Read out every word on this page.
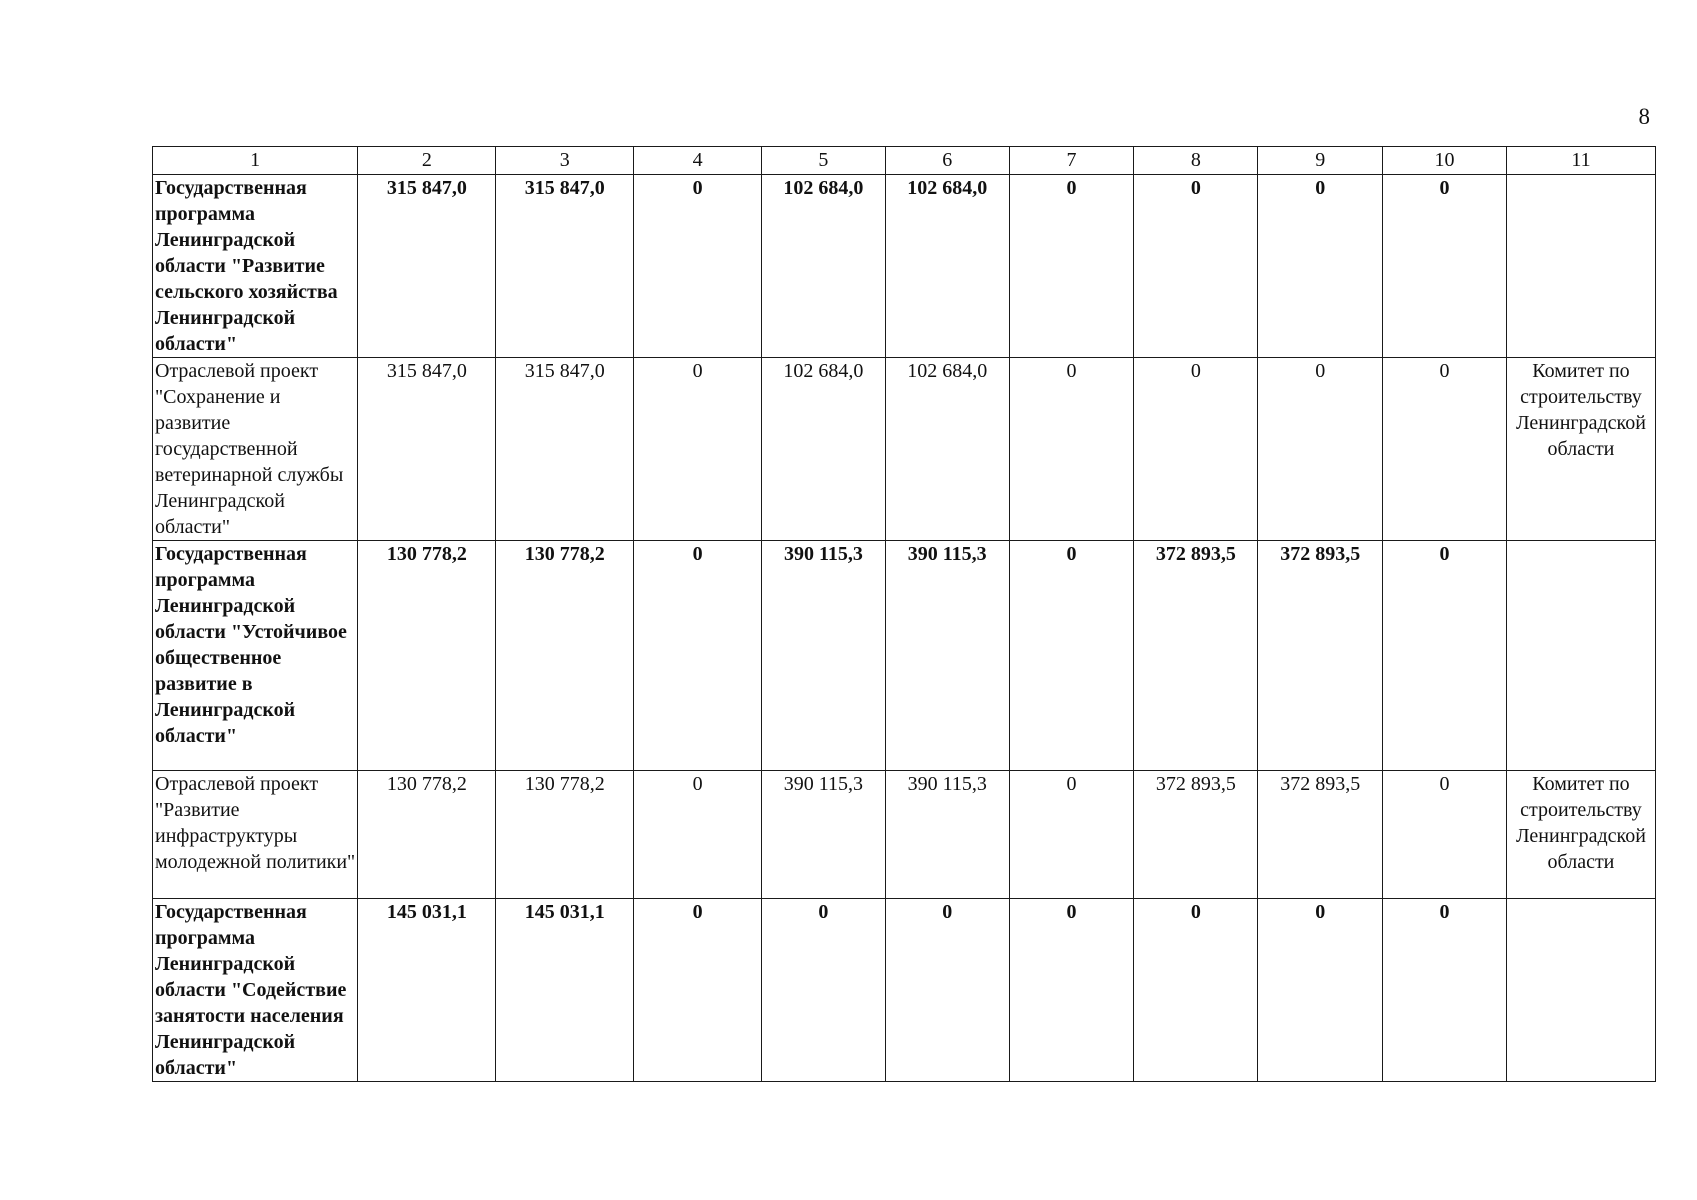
8
1	2	3	4	5	6	7	8	9	10	11
Государственная программа Ленинградской области "Развитие сельского хозяйства Ленинградской области"	315 847,0	315 847,0	0	102 684,0	102 684,0	0	0	0	0	
Отраслевой проект "Сохранение и развитие государственной ветеринарной службы Ленинградской области"	315 847,0	315 847,0	0	102 684,0	102 684,0	0	0	0	0	Комитет по строительству Ленинградской области
Государственная программа Ленинградской области "Устойчивое общественное развитие в Ленинградской области"	130 778,2	130 778,2	0	390 115,3	390 115,3	0	372 893,5	372 893,5	0	
Отраслевой проект "Развитие инфраструктуры молодежной политики"	130 778,2	130 778,2	0	390 115,3	390 115,3	0	372 893,5	372 893,5	0	Комитет по строительству Ленинградской области
Государственная программа Ленинградской области "Содействие занятости населения Ленинградской области"	145 031,1	145 031,1	0	0	0	0	0	0	0	
